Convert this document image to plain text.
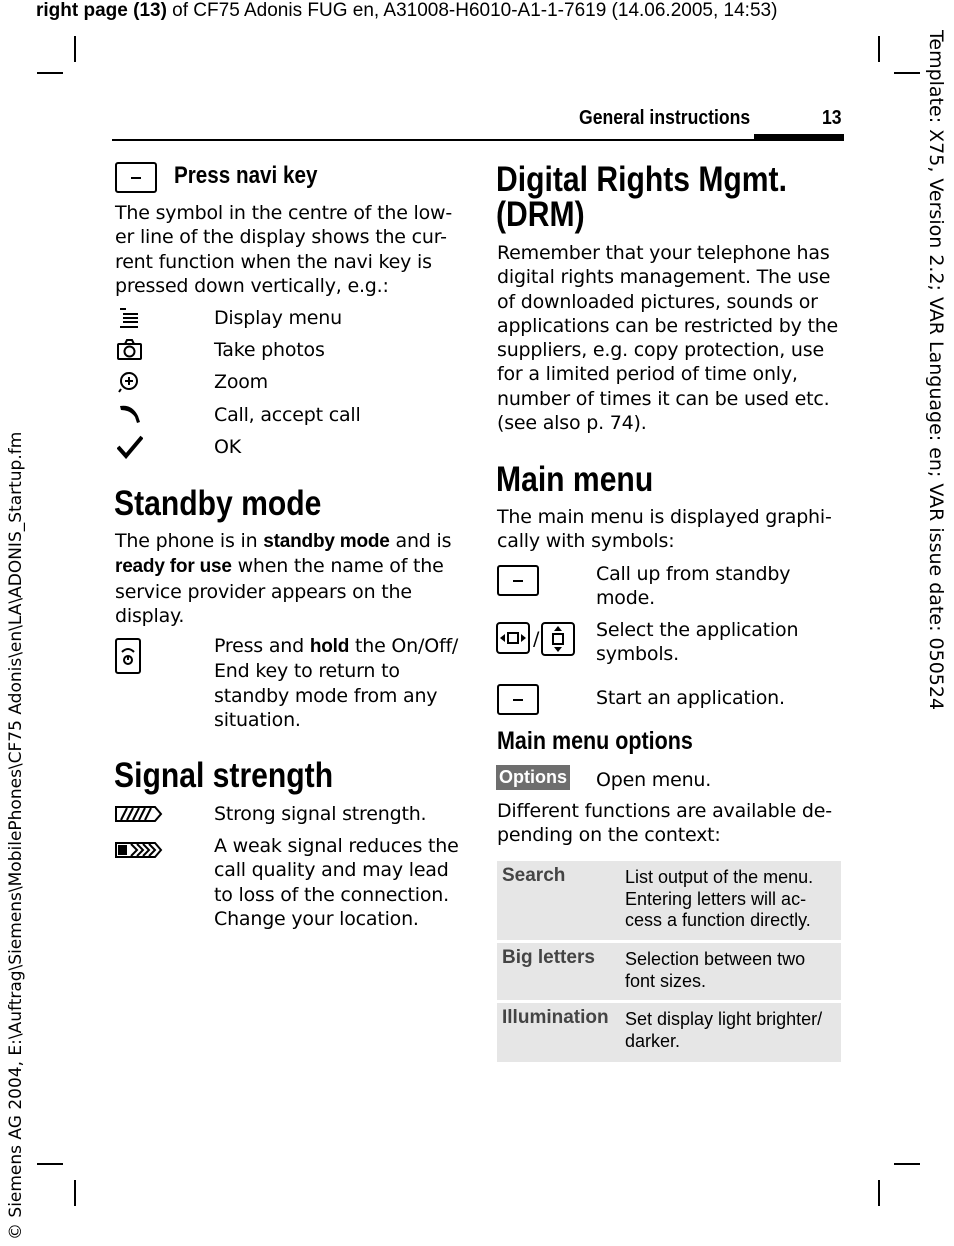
right page (13) of CF75 Adonis FUG en, A31008-H6010-A1-1-7619 (14.06.2005, 14:53)
Template: X75, Version 2.2; VAR Language: en; VAR issue date: 050524
© Siemens AG 2004, E:\Auftrag\Siemens\MobilePhones\CF75 Adonis\en\LA\ADONIS_Startup.fm
General instructions	13
Press navi key
The symbol in the centre of the low-er line of the display shows the cur-rent function when the navi key is pressed down vertically, e.g.:
Display menu
Take photos
Zoom
Call, accept call
OK
Standby mode
The phone is in standby mode and is ready for use when the name of the service provider appears on the display.
Press and hold the On/Off/ End key to return to standby mode from any situation.
Signal strength
Strong signal strength.
A weak signal reduces the call quality and may lead to loss of the connection. Change your location.
Digital Rights Mgmt.
(DRM)
Remember that your telephone has digital rights management. The use of downloaded pictures, sounds or applications can be restricted by the suppliers, e.g. copy protection, use for a limited period of time only, number of times it can be used etc. (see also p. 74).
Main menu
The main menu is displayed graphi-cally with symbols:
Call up from standby mode.
/	Select the application symbols.
Start an application.
Main menu options
Options Open menu.
Different functions are available de-pending on the context:
Search	List output of the menu. Entering letters will ac-cess a function directly.
Big letters	Selection between two font sizes.
Illumination Set display light brighter/ darker.
